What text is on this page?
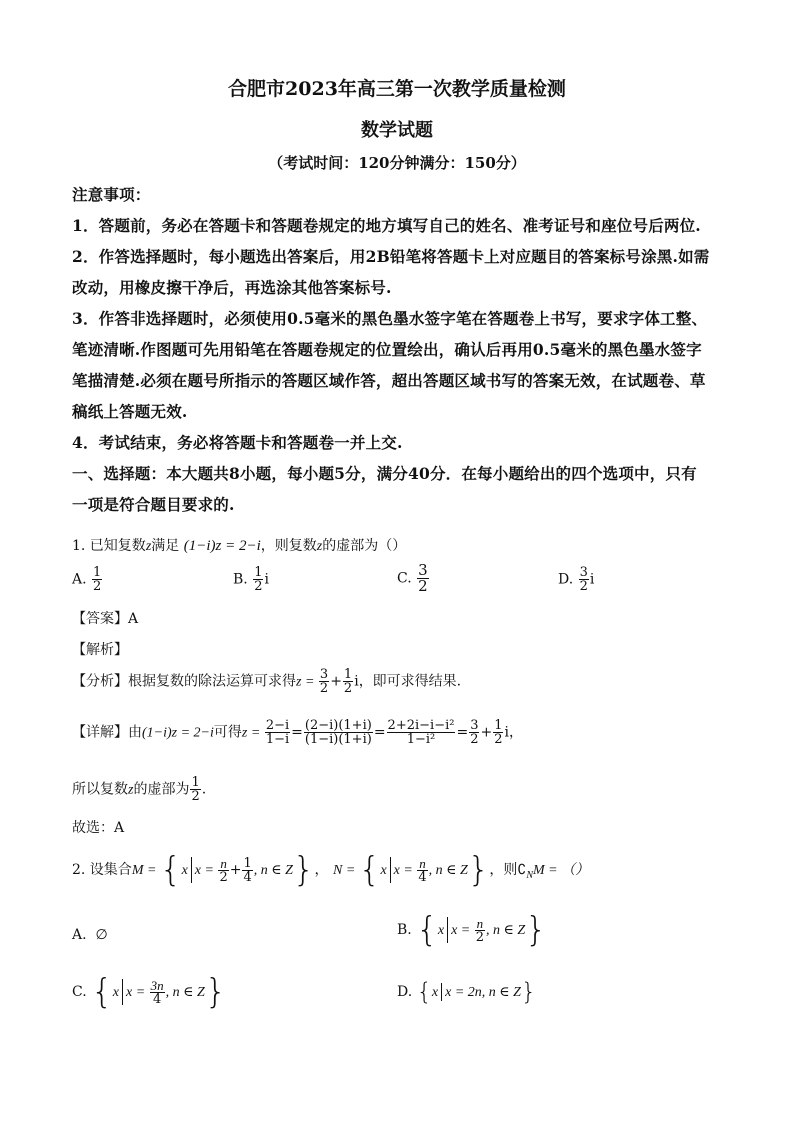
合肥市2023年高三第一次教学质量检测
数学试题
（考试时间：120分钟满分：150分）
注意事项：
1．答题前，务必在答题卡和答题卷规定的地方填写自己的姓名、准考证号和座位号后两位.
2．作答选择题时，每小题选出答案后，用2B铅笔将答题卡上对应题目的答案标号涂黑.如需
改动，用橡皮擦干净后，再选涂其他答案标号.
3．作答非选择题时，必须使用0.5毫米的黑色墨水签字笔在答题卷上书写，要求字体工整、
笔迹清晰.作图题可先用铅笔在答题卷规定的位置绘出，确认后再用0.5毫米的黑色墨水签字
笔描清楚.必须在题号所指示的答题区域作答，超出答题区域书写的答案无效，在试题卷、草
稿纸上答题无效.
4．考试结束，务必将答题卡和答题卷一并上交.
一、选择题：本大题共8小题，每小题5分，满分40分．在每小题给出的四个选项中，只有
一项是符合题目要求的.
1. 已知复数z满足 (1−i)z = 2−i，则复数z的虚部为（）
A. $\frac{1}{2}$	B. $\frac{1}{2}$ i	C. $\frac{3}{2}$	D. $\frac{3}{2}$ i
【答案】A
【解析】
【分析】根据复数的除法运算可求得$z = \frac{3}{2} + \frac{1}{2}$ i，即可求得结果.
【详解】由(1−i)z = 2−i可得$z = \frac{2-i}{1-i} = \frac{(2-i)(1+i)}{(1-i)(1+i)} = \frac{\text{2+2i−i−i²}}{\text{1−i²}} = \frac{3}{2} + \frac{1}{2}$ i，
所以复数z的虚部为 $\frac{1}{2}$ .
故选：A
2. 设集合M = {x $x = \frac{n}{2} + \frac{1}{4}$ , n ∈ Z}， N = {x $x = \frac{n}{4}$ , n ∈ Z}，则$∁_NM$ = （）
A. ∅	B. {x $x = \frac{n}{2}$ , n ∈ Z}
C. {x $x = \frac{3n}{4}$ , n ∈ Z}	D. {x x = 2n, n ∈ Z}
